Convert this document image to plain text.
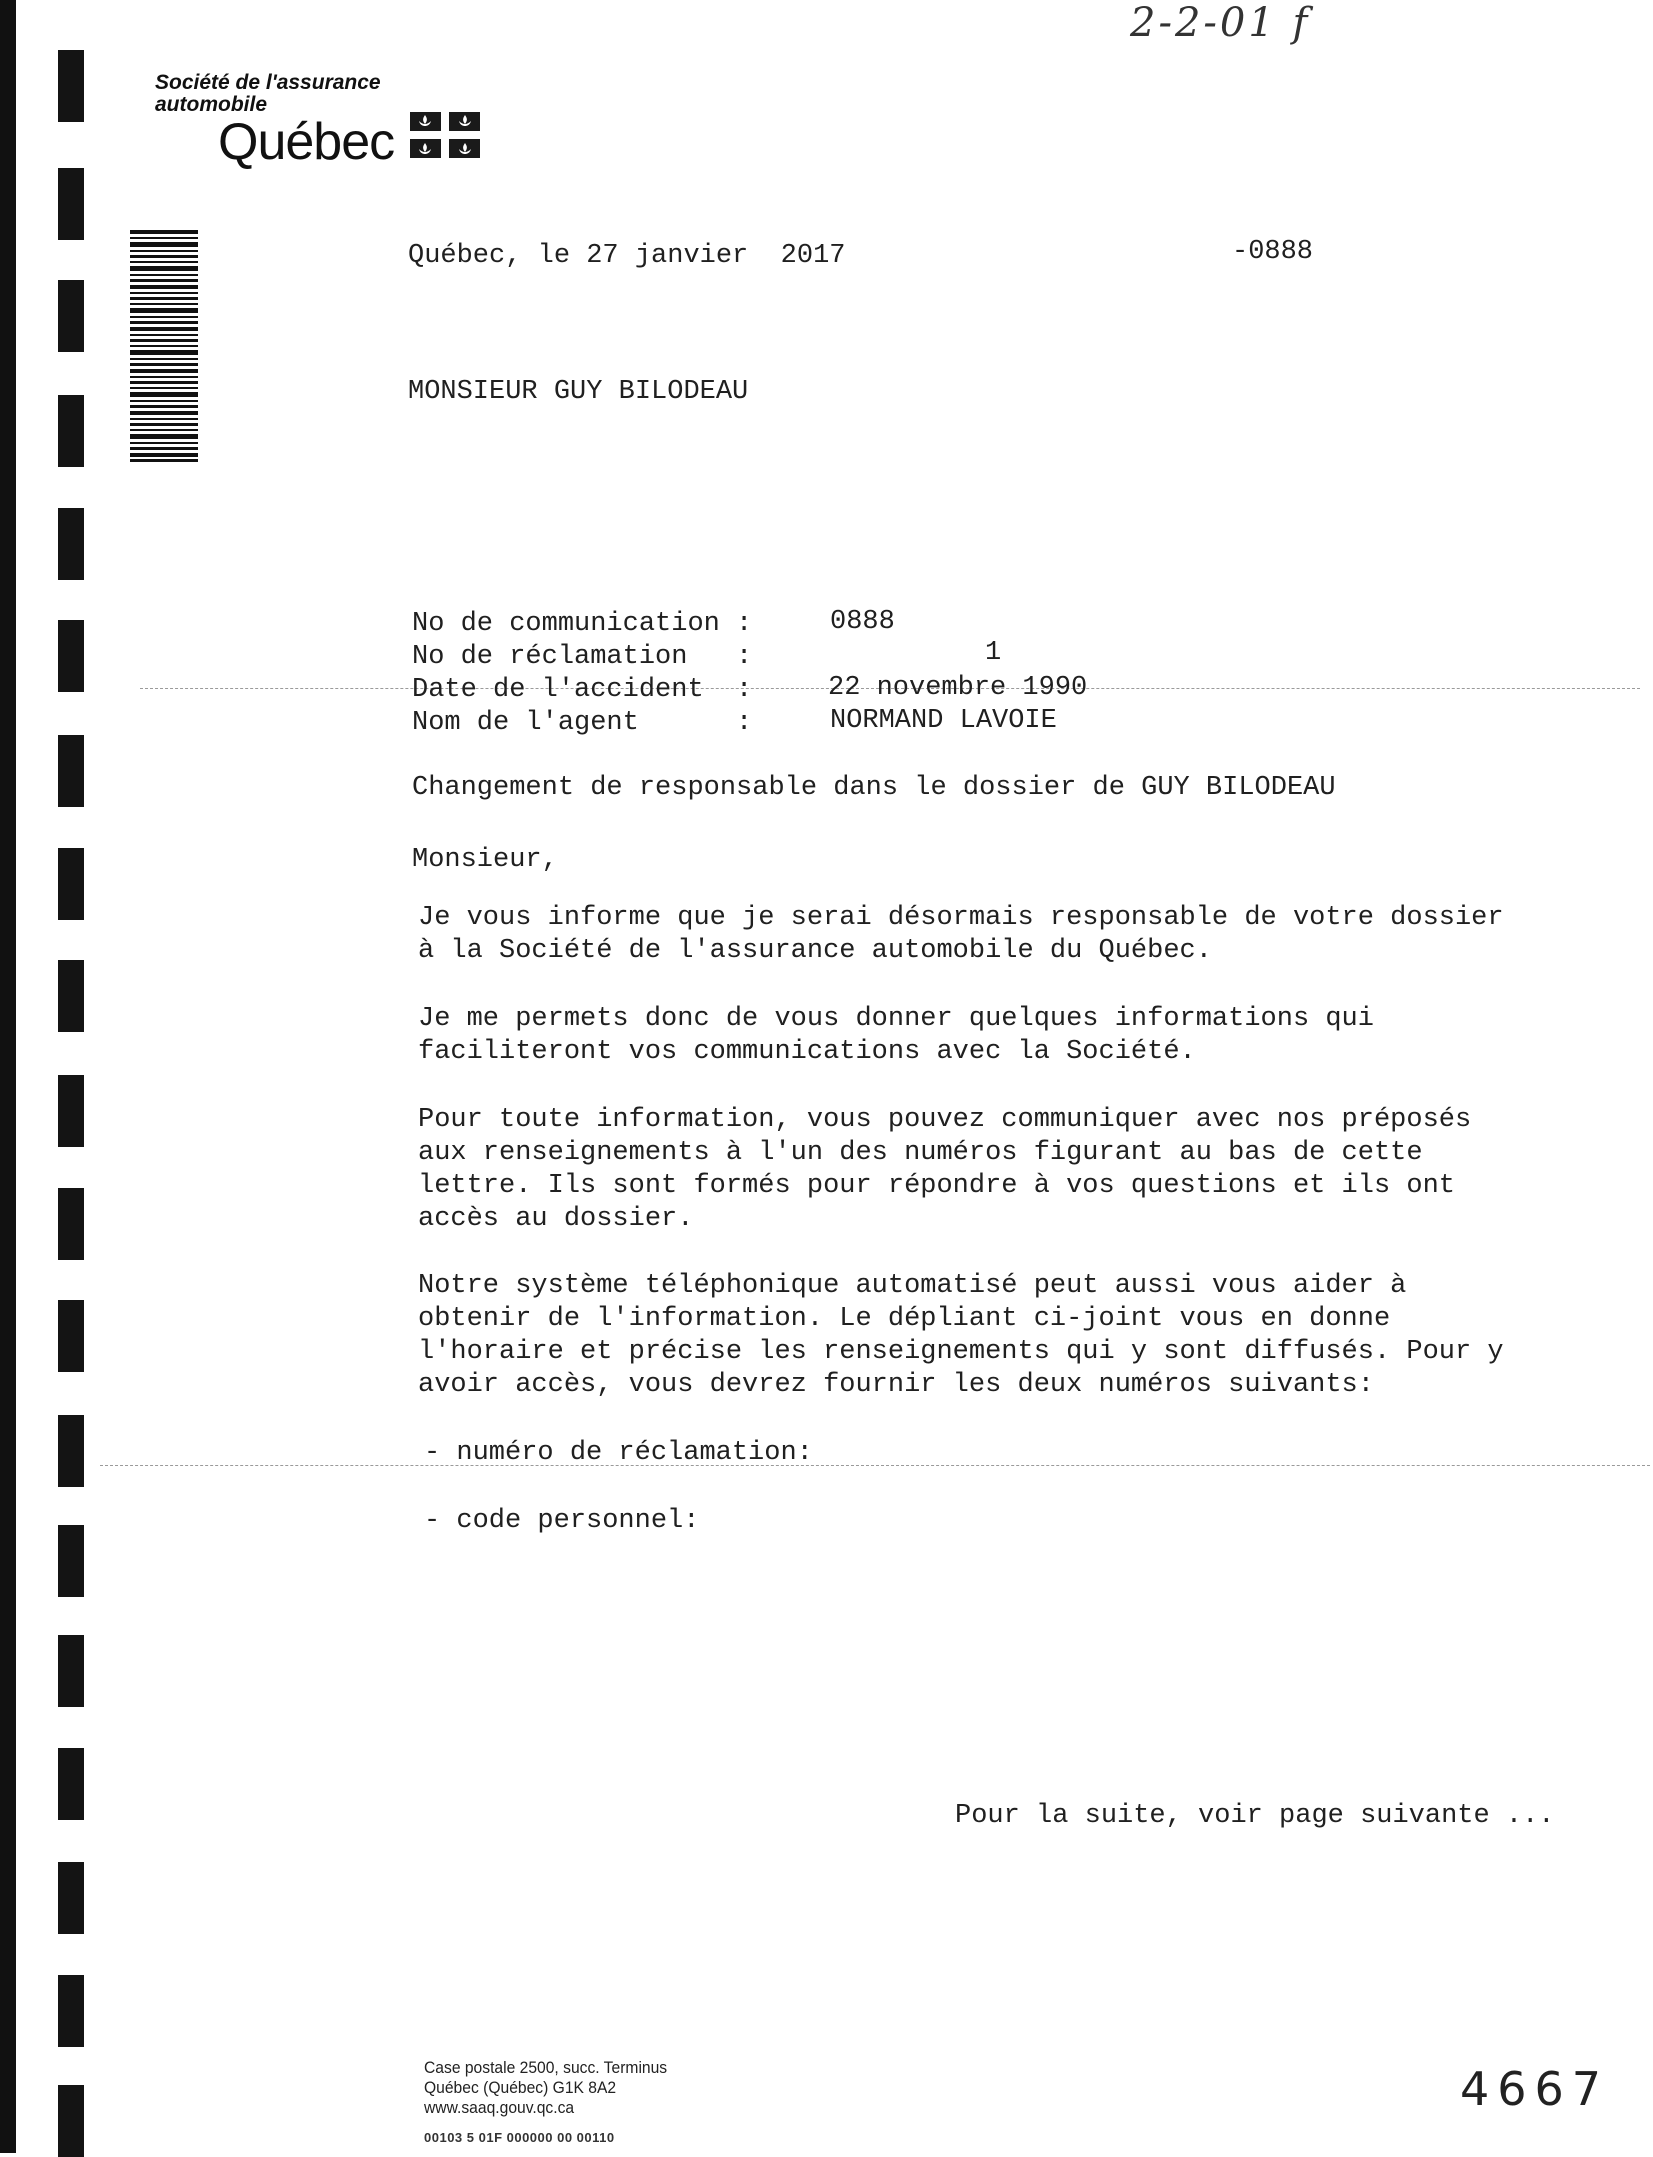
2-2-01 f
Société de l'assurance
automobile
Québec
Québec, le 27 janvier  2017	-0888
MONSIEUR GUY BILODEAU
No de communication :	0888
No de réclamation   :	1
Date de l'accident  :	22 novembre 1990
Nom de l'agent      :	NORMAND LAVOIE
Changement de responsable dans le dossier de GUY BILODEAU
Monsieur,
Je vous informe que je serai désormais responsable de votre dossier
à la Société de l'assurance automobile du Québec.
Je me permets donc de vous donner quelques informations qui
faciliteront vos communications avec la Société.
Pour toute information, vous pouvez communiquer avec nos préposés
aux renseignements à l'un des numéros figurant au bas de cette
lettre. Ils sont formés pour répondre à vos questions et ils ont
accès au dossier.
Notre système téléphonique automatisé peut aussi vous aider à
obtenir de l'information. Le dépliant ci-joint vous en donne
l'horaire et précise les renseignements qui y sont diffusés. Pour y
avoir accès, vous devrez fournir les deux numéros suivants:
- numéro de réclamation:
- code personnel:
Pour la suite, voir page suivante ...
Case postale 2500, succ. Terminus
Québec (Québec) G1K 8A2
www.saaq.gouv.qc.ca
00103 5 01F 000000 00 00110
4667
